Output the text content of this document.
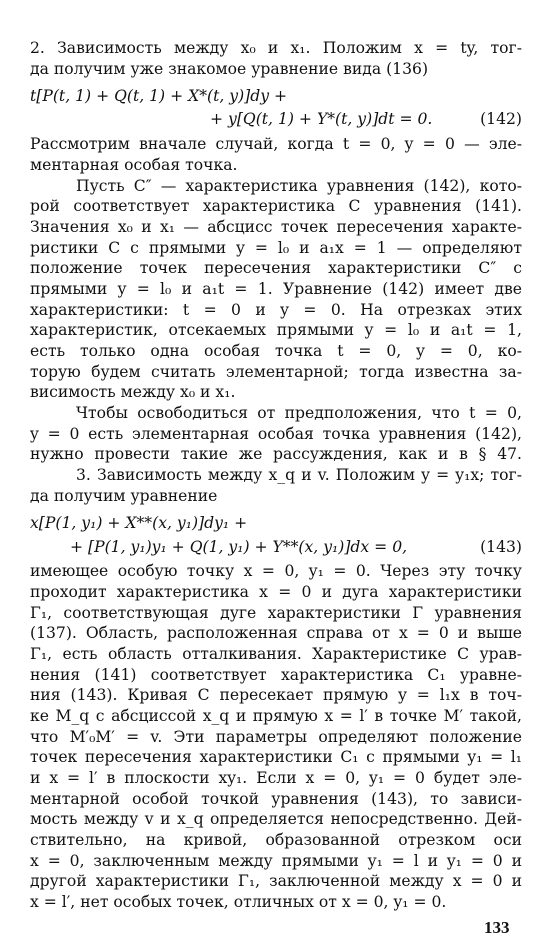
2. Зависимость между x₀ и x₁. Положим x = ty, тог-
да получим уже знакомое уравнение вида (136)
t[P(t, 1) + Q(t, 1) + X*(t, y)]dy +
+ y[Q(t, 1) + Y*(t, y)]dt = 0.	(142)
Рассмотрим вначале случай, когда t = 0, y = 0 — эле-
ментарная особая точка.
Пусть C″ — характеристика уравнения (142), кото-
рой соответствует характеристика C уравнения (141).
Значения x₀ и x₁ — абсцисс точек пересечения характе-
ристики C с прямыми y = l₀ и a₁x = 1 — определяют
положение точек пересечения характеристики C″ с
прямыми y = l₀ и a₁t = 1. Уравнение (142) имеет две
характеристики: t = 0 и y = 0. На отрезках этих
характеристик, отсекаемых прямыми y = l₀ и a₁t = 1,
есть только одна особая точка t = 0, y = 0, ко-
торую будем считать элементарной; тогда известна за-
висимость между x₀ и x₁.
Чтобы освободиться от предположения, что t = 0,
y = 0 есть элементарная особая точка уравнения (142),
нужно провести такие же рассуждения, как и в § 47.
3. Зависимость между x_q и v. Положим y = y₁x; тог-
да получим уравнение
x[P(1, y₁) + X**(x, y₁)]dy₁ +
+ [P(1, y₁)y₁ + Q(1, y₁) + Y**(x, y₁)]dx = 0,	(143)
имеющее особую точку x = 0, y₁ = 0. Через эту точку
проходит характеристика x = 0 и дуга характеристики
Γ₁, соответствующая дуге характеристики Γ уравнения
(137). Область, расположенная справа от x = 0 и выше
Γ₁, есть область отталкивания. Характеристике C урав-
нения (141) соответствует характеристика C₁ уравне-
ния (143). Кривая C пересекает прямую y = l₁x в точ-
ке M_q с абсциссой x_q и прямую x = l′ в точке M′ такой,
что M′₀M′ = v. Эти параметры определяют положение
точек пересечения характеристики C₁ с прямыми y₁ = l₁
и x = l′ в плоскости xy₁. Если x = 0, y₁ = 0 будет эле-
ментарной особой точкой уравнения (143), то зависи-
мость между v и x_q определяется непосредственно. Дей-
ствительно, на кривой, образованной отрезком оси
x = 0, заключенным между прямыми y₁ = l и y₁ = 0 и
другой характеристики Γ₁, заключенной между x = 0 и
x = l′, нет особых точек, отличных от x = 0, y₁ = 0.
133
